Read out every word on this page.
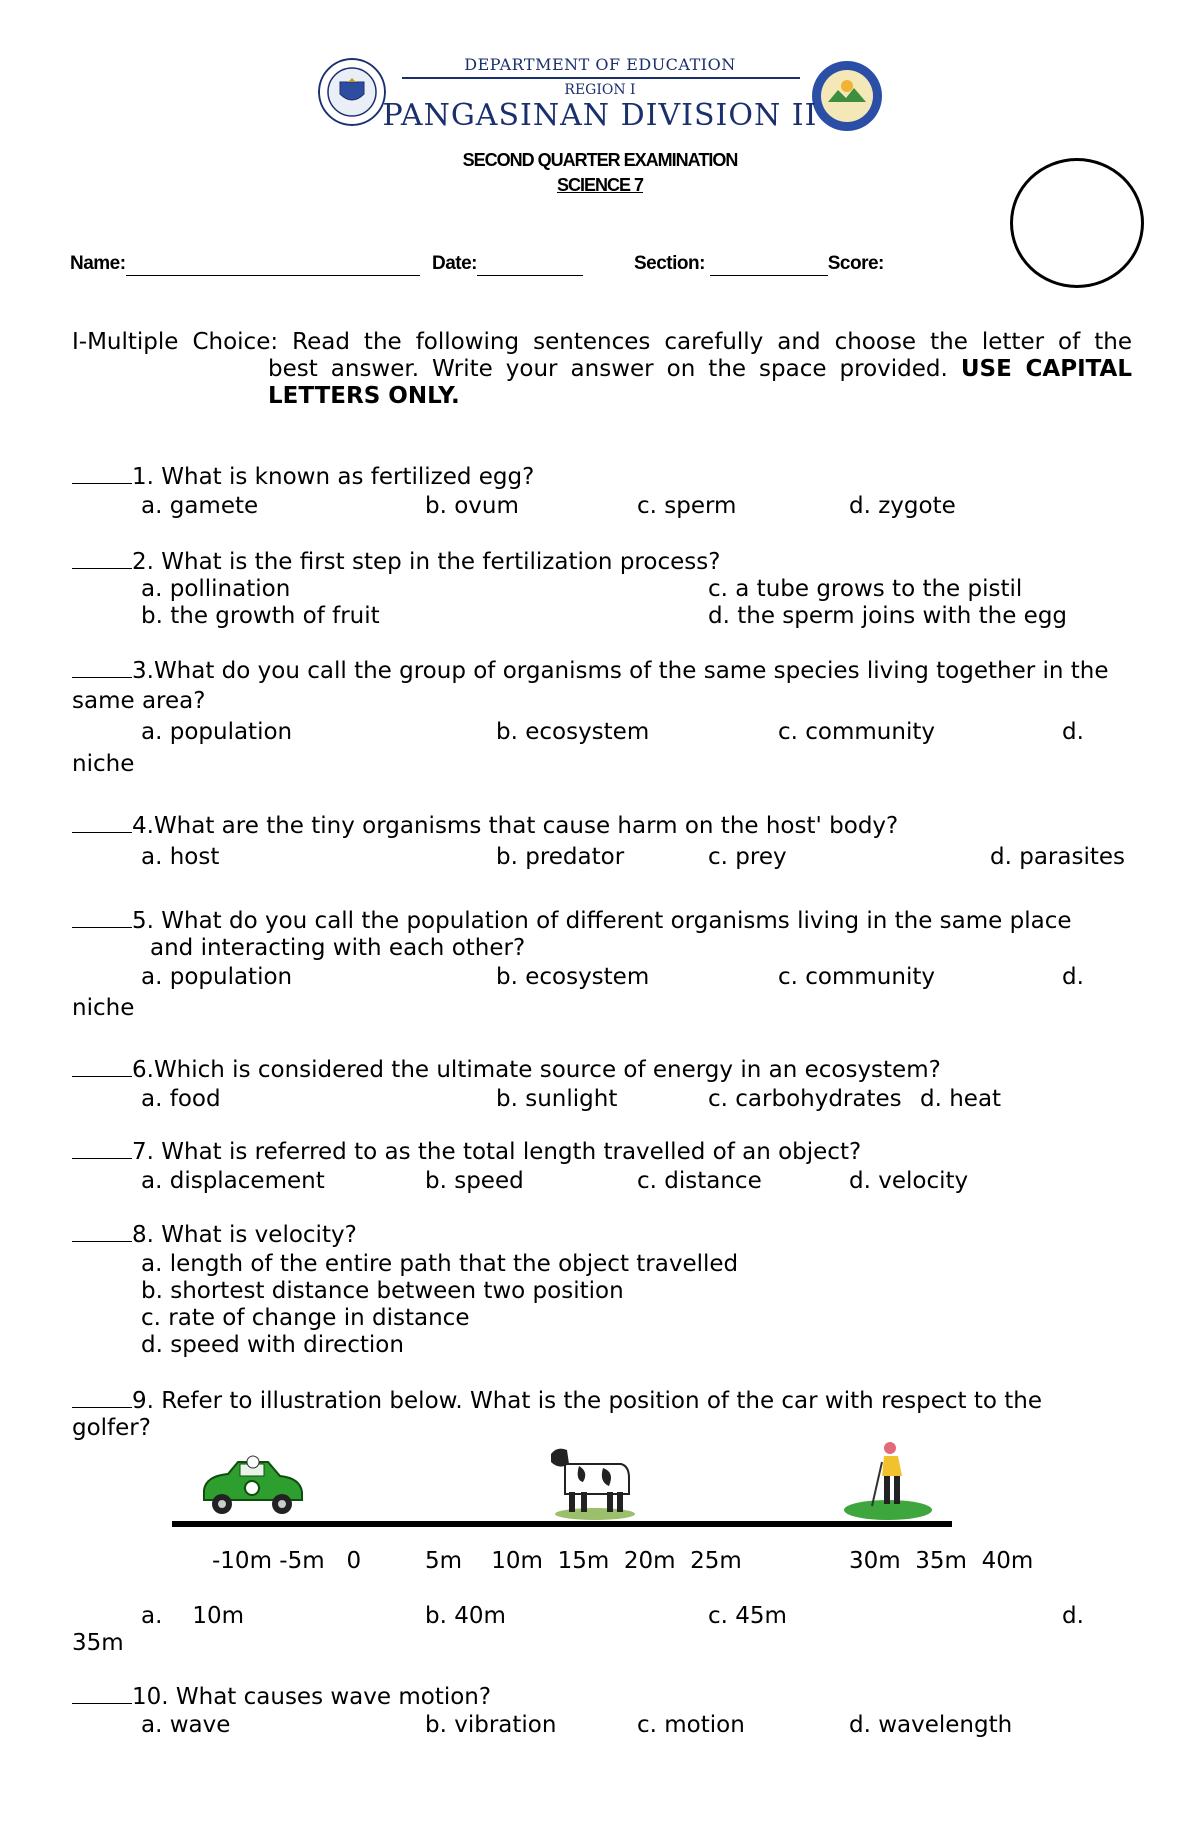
DEPARTMENT OF EDUCATION
REGION I
PANGASINAN DIVISION II
SECOND QUARTER EXAMINATION
SCIENCE 7
Name:	Date:	Section:	Score:
I-Multiple Choice: Read the following sentences carefully and choose the letter of the
best answer. Write your answer on the space provided. USE CAPITAL
LETTERS ONLY.
1. What is known as fertilized egg?
a. gamete	b. ovum	c. sperm	d. zygote
2. What is the first step in the fertilization process?
a. pollination	c. a tube grows to the pistil
b. the growth of fruit	d. the sperm joins with the egg
3.What do you call the group of organisms of the same species living together in the
same area?
a. population	b. ecosystem	c. community	d.
niche
4.What are the tiny organisms that cause harm on the host' body?
a. host	b. predator	c. prey	d. parasites
5. What do you call the population of different organisms living in the same place
and interacting with each other?
a. population	b. ecosystem	c. community	d.
niche
6.Which is considered the ultimate source of energy in an ecosystem?
a. food	b. sunlight	c. carbohydrates d. heat
7. What is referred to as the total length travelled of an object?
a. displacement	b. speed	c. distance	d. velocity
8. What is velocity?
a. length of the entire path that the object travelled
b. shortest distance between two position
c. rate of change in distance
d. speed with direction
9. Refer to illustration below. What is the position of the car with respect to the
golfer?
-10m -5m   0	5m    10m  15m  20m  25m	30m  35m  40m
a. 10m	b. 40m	c. 45m	d.
35m
10. What causes wave motion?
a. wave	b. vibration	c. motion	d. wavelength
